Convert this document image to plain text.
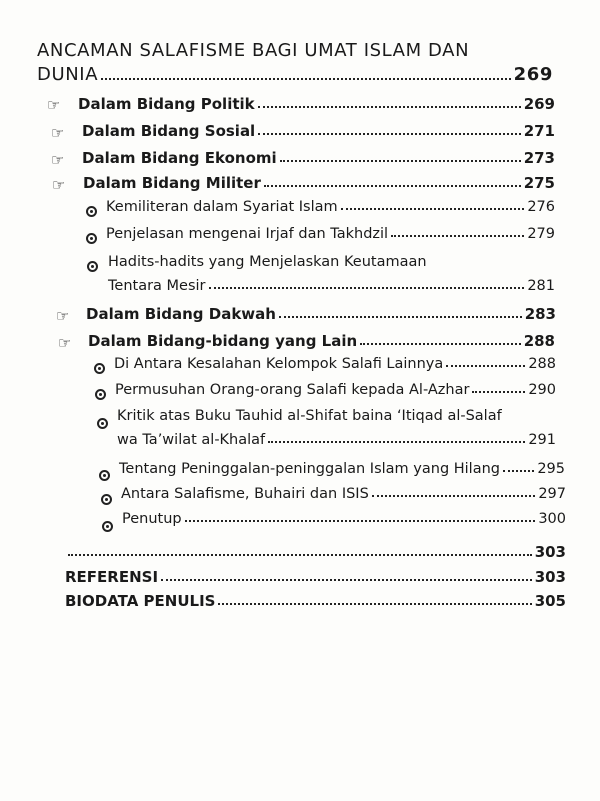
ANCAMAN SALAFISME BAGI UMAT ISLAM DAN
DUNIA	269
☞ Dalam Bidang Politik	269
☞ Dalam Bidang Sosial	271
☞ Dalam Bidang Ekonomi	273
☞ Dalam Bidang Militer	275
Kemiliteran dalam Syariat Islam	276
Penjelasan mengenai Irjaf dan Takhdzil	279
Hadits-hadits yang Menjelaskan Keutamaan
Tentara Mesir	281
☞ Dalam Bidang Dakwah	283
☞ Dalam Bidang-bidang yang Lain	288
Di Antara Kesalahan Kelompok Salafi Lainnya	288
Permusuhan Orang-orang Salafi kepada Al-Azhar	290
Kritik atas Buku Tauhid al-Shifat baina ‘Itiqad al-Salaf
wa Ta’wilat al-Khalaf	291
Tentang Peninggalan-peninggalan Islam yang Hilang	295
Antara Salafisme, Buhairi dan ISIS	297
Penutup	300
303
REFERENSI	303
BIODATA PENULIS	305
